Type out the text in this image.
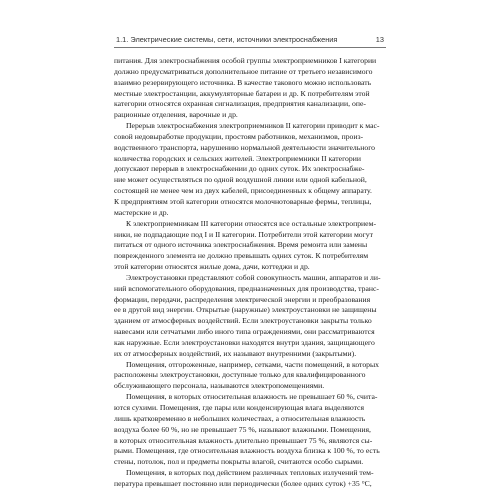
1.1. Электрические системы, сети, источники электроснабжения	13
питания. Для электроснабжения особой группы электроприемников I категории
должно предусматриваться дополнительное питание от третьего независимого
взаимно резервирующего источника. В качестве такового можно использовать
местные электростанции, аккумуляторные батареи и др. К потребителям этой
категории относятся охранная сигнализация, предприятия канализации, опе-
рационные отделения, варочные и др.
Перерыв электроснабжения электроприемников II категории приводит к мас-
совой недовыработке продукции, простоям работников, механизмов, произ-
водственного транспорта, нарушению нормальной деятельности значительного
количества городских и сельских жителей. Электроприемники II категории
допускают перерыв в электроснабжении до одних суток. Их электроснабже-
ние может осуществляться по одной воздушной линии или одной кабельной,
состоящей не менее чем из двух кабелей, присоединенных к общему аппарату.
К предприятиям этой категории относятся молочнотоварные фермы, теплицы,
мастерские и др.
К электроприемникам III категории относятся все остальные электроприем-
ники, не подпадающие под I и II категории. Потребители этой категории могут
питаться от одного источника электроснабжения. Время ремонта или замены
поврежденного элемента не должно превышать одних суток. К потребителям
этой категории относятся жилые дома, дачи, коттеджи и др.
Электроустановки представляют собой совокупность машин, аппаратов и ли-
ний вспомогательного оборудования, предназначенных для производства, транс-
формации, передачи, распределения электрической энергии и преобразования
ее в другой вид энергии. Открытые (наружные) электроустановки не защищены
зданием от атмосферных воздействий. Если электроустановки закрыты только
навесами или сетчатыми либо иного типа ограждениями, они рассматриваются
как наружные. Если электроустановки находятся внутри здания, защищающего
их от атмосферных воздействий, их называют внутренними (закрытыми).
Помещения, отгороженные, например, сетками, части помещений, в которых
расположены электроустановки, доступные только для квалифицированного
обслуживающего персонала, называются электропомещениями.
Помещения, в которых относительная влажность не превышает 60 %, счита-
ются сухими. Помещения, где пары или конденсирующая влага выделяются
лишь кратковременно в небольших количествах, а относительная влажность
воздуха более 60 %, но не превышает 75 %, называют влажными. Помещения,
в которых относительная влажность длительно превышает 75 %, являются сы-
рыми. Помещения, где относительная влажность воздуха близка к 100 %, то есть
стены, потолок, пол и предметы покрыты влагой, считаются особо сырыми.
Помещения, в которых под действием различных тепловых излучений тем-
пература превышает постоянно или периодически (более одних суток) +35 °С,
